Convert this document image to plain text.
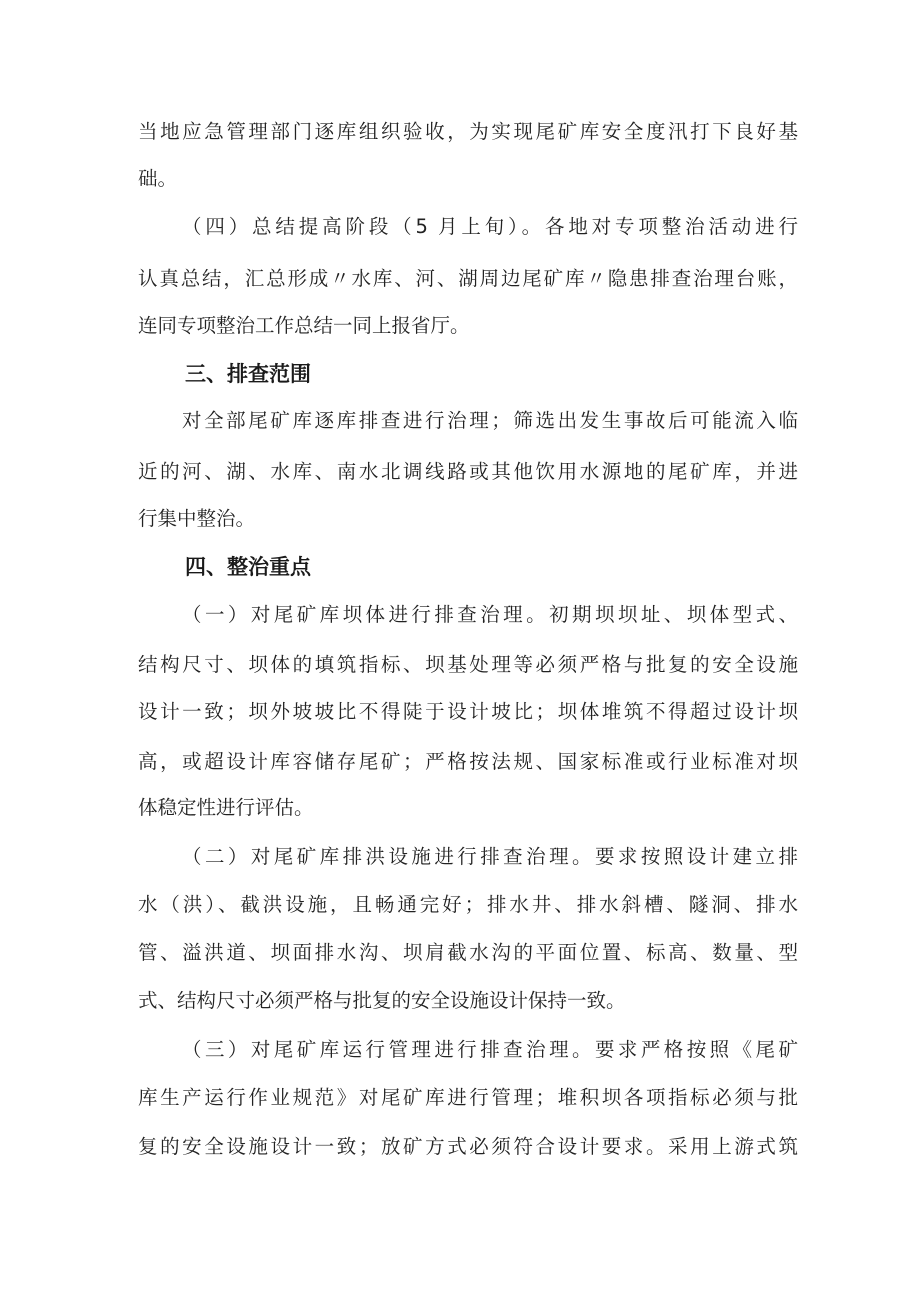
当地应急管理部门逐库组织验收，为实现尾矿库安全度汛打下良好基
础。
（四）总结提高阶段（5 月上旬）。各地对专项整治活动进行
认真总结，汇总形成〃水库、河、湖周边尾矿库〃隐患排查治理台账，
连同专项整治工作总结一同上报省厅。
三、排查范围
对全部尾矿库逐库排查进行治理；筛选出发生事故后可能流入临
近的河、湖、水库、南水北调线路或其他饮用水源地的尾矿库，并进
行集中整治。
四、整治重点
（一）对尾矿库坝体进行排查治理。初期坝坝址、坝体型式、
结构尺寸、坝体的填筑指标、坝基处理等必须严格与批复的安全设施
设计一致；坝外坡坡比不得陡于设计坡比；坝体堆筑不得超过设计坝
高，或超设计库容储存尾矿；严格按法规、国家标准或行业标准对坝
体稳定性进行评估。
（二）对尾矿库排洪设施进行排查治理。要求按照设计建立排
水（洪）、截洪设施，且畅通完好；排水井、排水斜槽、隧洞、排水
管、溢洪道、坝面排水沟、坝肩截水沟的平面位置、标高、数量、型
式、结构尺寸必须严格与批复的安全设施设计保持一致。
（三）对尾矿库运行管理进行排查治理。要求严格按照《尾矿
库生产运行作业规范》对尾矿库进行管理；堆积坝各项指标必须与批
复的安全设施设计一致；放矿方式必须符合设计要求。采用上游式筑
